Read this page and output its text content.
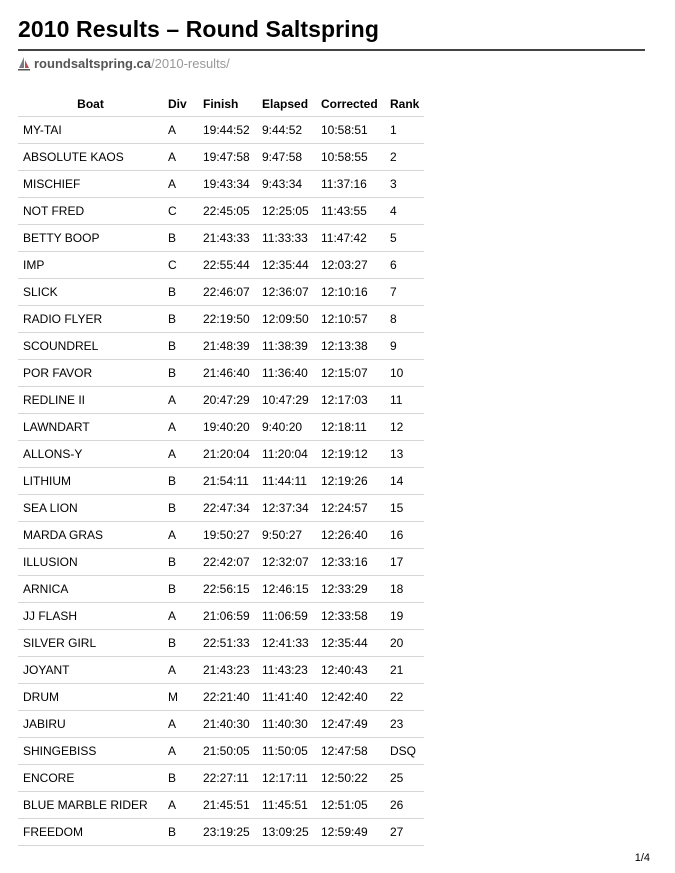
2010 Results – Round Saltspring
roundsaltspring.ca /2010-results/
Boat	Div	Finish	Elapsed	Corrected	Rank
MY-TAI	A	19:44:52	9:44:52	10:58:51	1
ABSOLUTE KAOS	A	19:47:58	9:47:58	10:58:55	2
MISCHIEF	A	19:43:34	9:43:34	11:37:16	3
NOT FRED	C	22:45:05	12:25:05	11:43:55	4
BETTY BOOP	B	21:43:33	11:33:33	11:47:42	5
IMP	C	22:55:44	12:35:44	12:03:27	6
SLICK	B	22:46:07	12:36:07	12:10:16	7
RADIO FLYER	B	22:19:50	12:09:50	12:10:57	8
SCOUNDREL	B	21:48:39	11:38:39	12:13:38	9
POR FAVOR	B	21:46:40	11:36:40	12:15:07	10
REDLINE II	A	20:47:29	10:47:29	12:17:03	11
LAWNDART	A	19:40:20	9:40:20	12:18:11	12
ALLONS-Y	A	21:20:04	11:20:04	12:19:12	13
LITHIUM	B	21:54:11	11:44:11	12:19:26	14
SEA LION	B	22:47:34	12:37:34	12:24:57	15
MARDA GRAS	A	19:50:27	9:50:27	12:26:40	16
ILLUSION	B	22:42:07	12:32:07	12:33:16	17
ARNICA	B	22:56:15	12:46:15	12:33:29	18
JJ FLASH	A	21:06:59	11:06:59	12:33:58	19
SILVER GIRL	B	22:51:33	12:41:33	12:35:44	20
JOYANT	A	21:43:23	11:43:23	12:40:43	21
DRUM	M	22:21:40	11:41:40	12:42:40	22
JABIRU	A	21:40:30	11:40:30	12:47:49	23
SHINGEBISS	A	21:50:05	11:50:05	12:47:58	DSQ
ENCORE	B	22:27:11	12:17:11	12:50:22	25
BLUE MARBLE RIDER	A	21:45:51	11:45:51	12:51:05	26
FREEDOM	B	23:19:25	13:09:25	12:59:49	27
1/4
